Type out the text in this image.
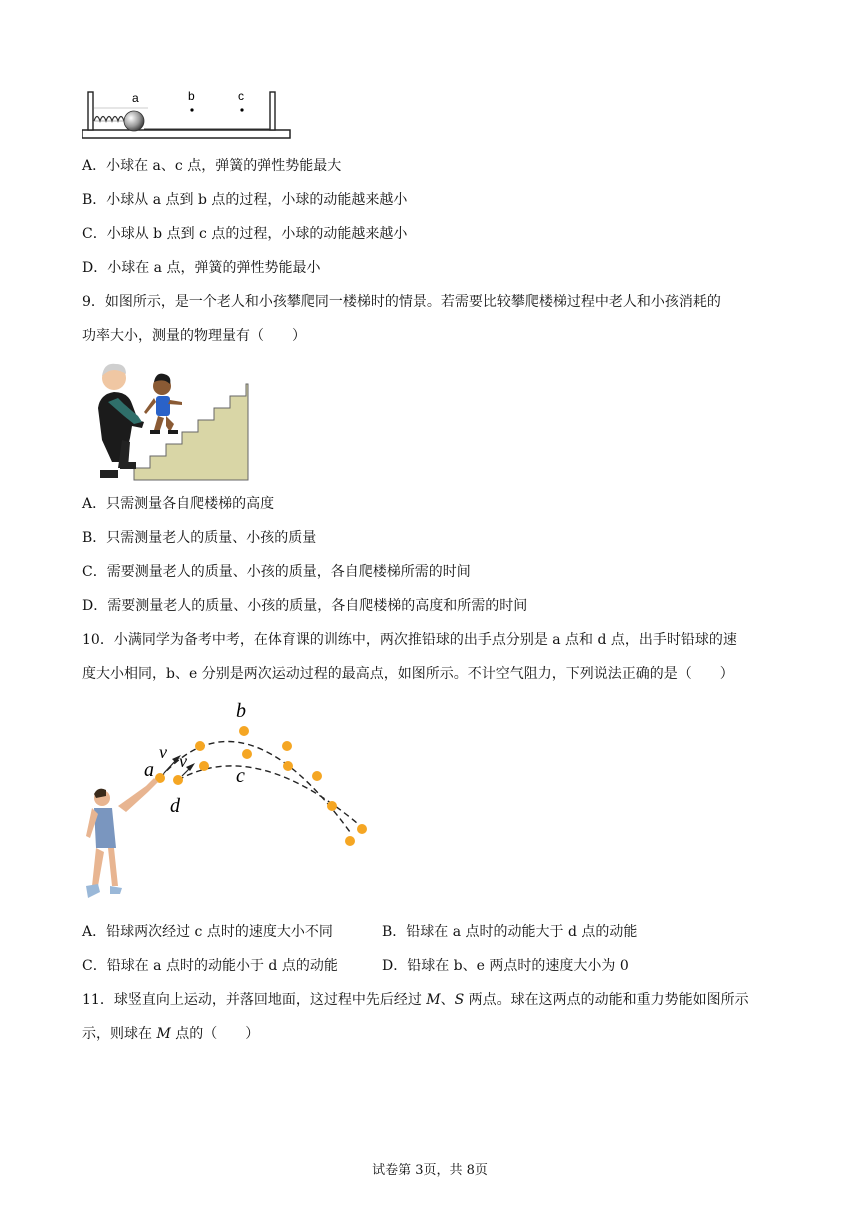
a	b	c
A．小球在 a、c 点，弹簧的弹性势能最大
B．小球从 a 点到 b 点的过程，小球的动能越来越小
C．小球从 b 点到 c 点的过程，小球的动能越来越小
D．小球在 a 点，弹簧的弹性势能最小
9．如图所示，是一个老人和小孩攀爬同一楼梯时的情景。若需要比较攀爬楼梯过程中老人和小孩消耗的
功率大小，测量的物理量有（　　）
A．只需测量各自爬楼梯的高度
B．只需测量老人的质量、小孩的质量
C．需要测量老人的质量、小孩的质量，各自爬楼梯所需的时间
D．需要测量老人的质量、小孩的质量，各自爬楼梯的高度和所需的时间
10．小满同学为备考中考，在体育课的训练中，两次推铅球的出手点分别是 a 点和 d 点，出手时铅球的速
度大小相同，b、e 分别是两次运动过程的最高点，如图所示。不计空气阻力，下列说法正确的是（　　）
b
c
a
d
v v
A．铅球两次经过 c 点时的速度大小不同	B．铅球在 a 点时的动能大于 d 点的动能
C．铅球在 a 点时的动能小于 d 点的动能	D．铅球在 b、e 两点时的速度大小为 0
11．球竖直向上运动，并落回地面，这过程中先后经过 M、S 两点。球在这两点的动能和重力势能如图所示
示，则球在 M 点的（　　）
试卷第 3页，共 8页
